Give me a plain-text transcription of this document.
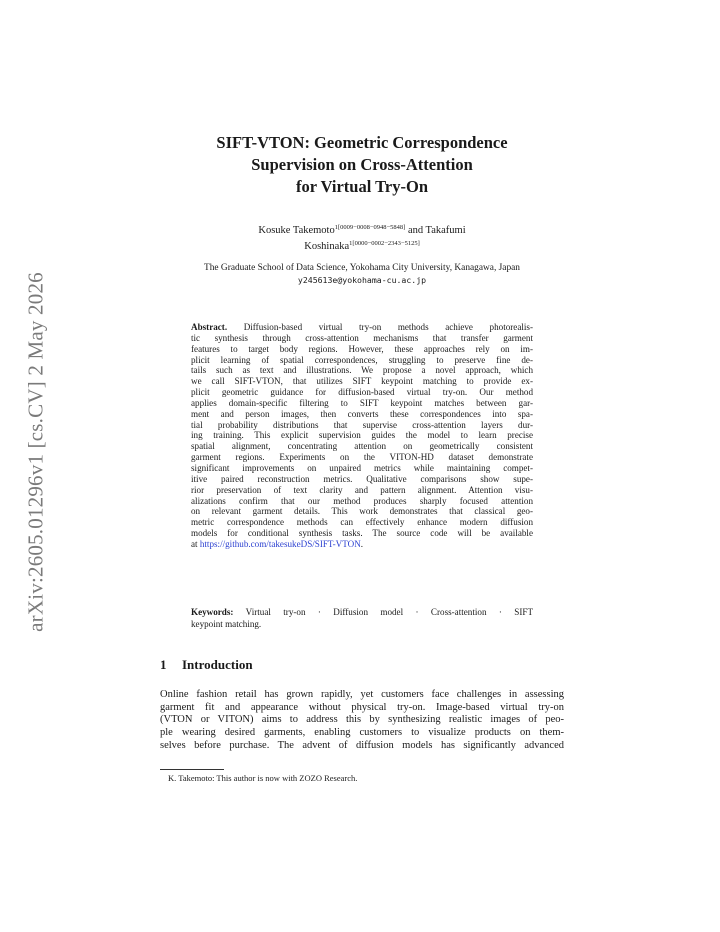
arXiv:2605.01296v1 [cs.CV] 2 May 2026
SIFT-VTON: Geometric Correspondence
Supervision on Cross-Attention
for Virtual Try-On
Kosuke Takemoto$^{1[0009-0008-0948-5848]}$ and Takafumi
Koshinaka$^{1[0000-0002-2343-5125]}$
The Graduate School of Data Science, Yokohama City University, Kanagawa, Japan
y245613e@yokohama-cu.ac.jp
Abstract. Diffusion-based virtual try-on methods achieve photorealis-
tic synthesis through cross-attention mechanisms that transfer garment
features to target body regions. However, these approaches rely on im-
plicit learning of spatial correspondences, struggling to preserve fine de-
tails such as text and illustrations. We propose a novel approach, which
we call SIFT-VTON, that utilizes SIFT keypoint matching to provide ex-
plicit geometric guidance for diffusion-based virtual try-on. Our method
applies domain-specific filtering to SIFT keypoint matches between gar-
ment and person images, then converts these correspondences into spa-
tial probability distributions that supervise cross-attention layers dur-
ing training. This explicit supervision guides the model to learn precise
spatial alignment, concentrating attention on geometrically consistent
garment regions. Experiments on the VITON-HD dataset demonstrate
significant improvements on unpaired metrics while maintaining compet-
itive paired reconstruction metrics. Qualitative comparisons show supe-
rior preservation of text clarity and pattern alignment. Attention visu-
alizations confirm that our method produces sharply focused attention
on relevant garment details. This work demonstrates that classical geo-
metric correspondence methods can effectively enhance modern diffusion
models for conditional synthesis tasks. The source code will be available
at https://github.com/takesukeDS/SIFT-VTON.
Keywords: Virtual try-on · Diffusion model · Cross-attention · SIFT
keypoint matching.
1 Introduction
Online fashion retail has grown rapidly, yet customers face challenges in assessing
garment fit and appearance without physical try-on. Image-based virtual try-on
(VTON or VITON) aims to address this by synthesizing realistic images of peo-
ple wearing desired garments, enabling customers to visualize products on them-
selves before purchase. The advent of diffusion models has significantly advanced
K. Takemoto: This author is now with ZOZO Research.
